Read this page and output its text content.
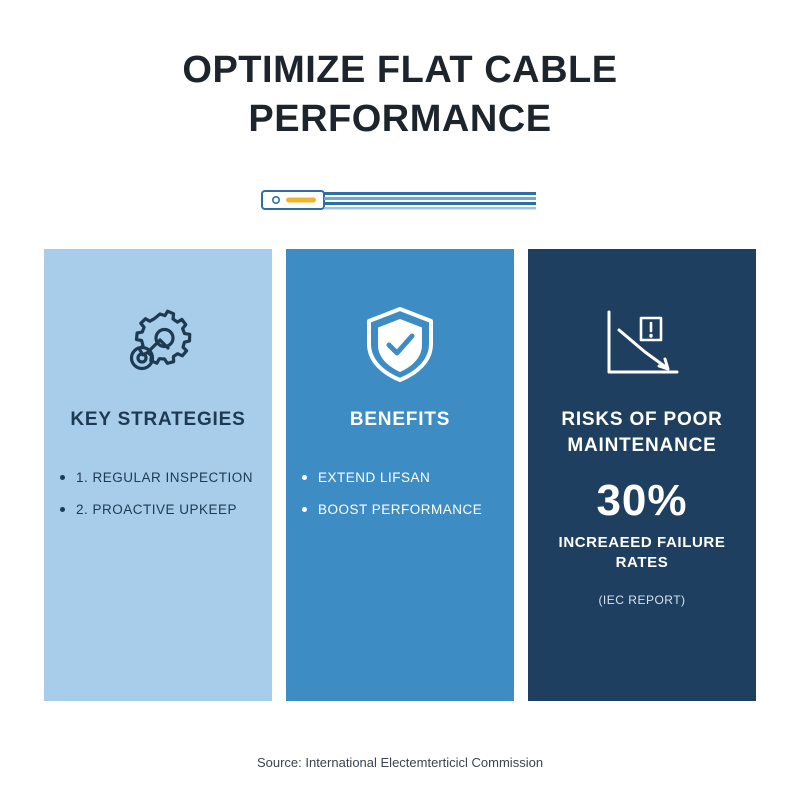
OPTIMIZE FLAT CABLE PERFORMANCE
KEY STRATEGIES
1. REGULAR INSPECTION
2. PROACTIVE UPKEEP
BENEFITS
EXTEND LIFSAN
BOOST PERFORMANCE
RISKS OF POOR MAINTENANCE
30%
INCREAEED FAILURE RATES
(IEC REPORT)
Source: International Electemterticicl Commission
